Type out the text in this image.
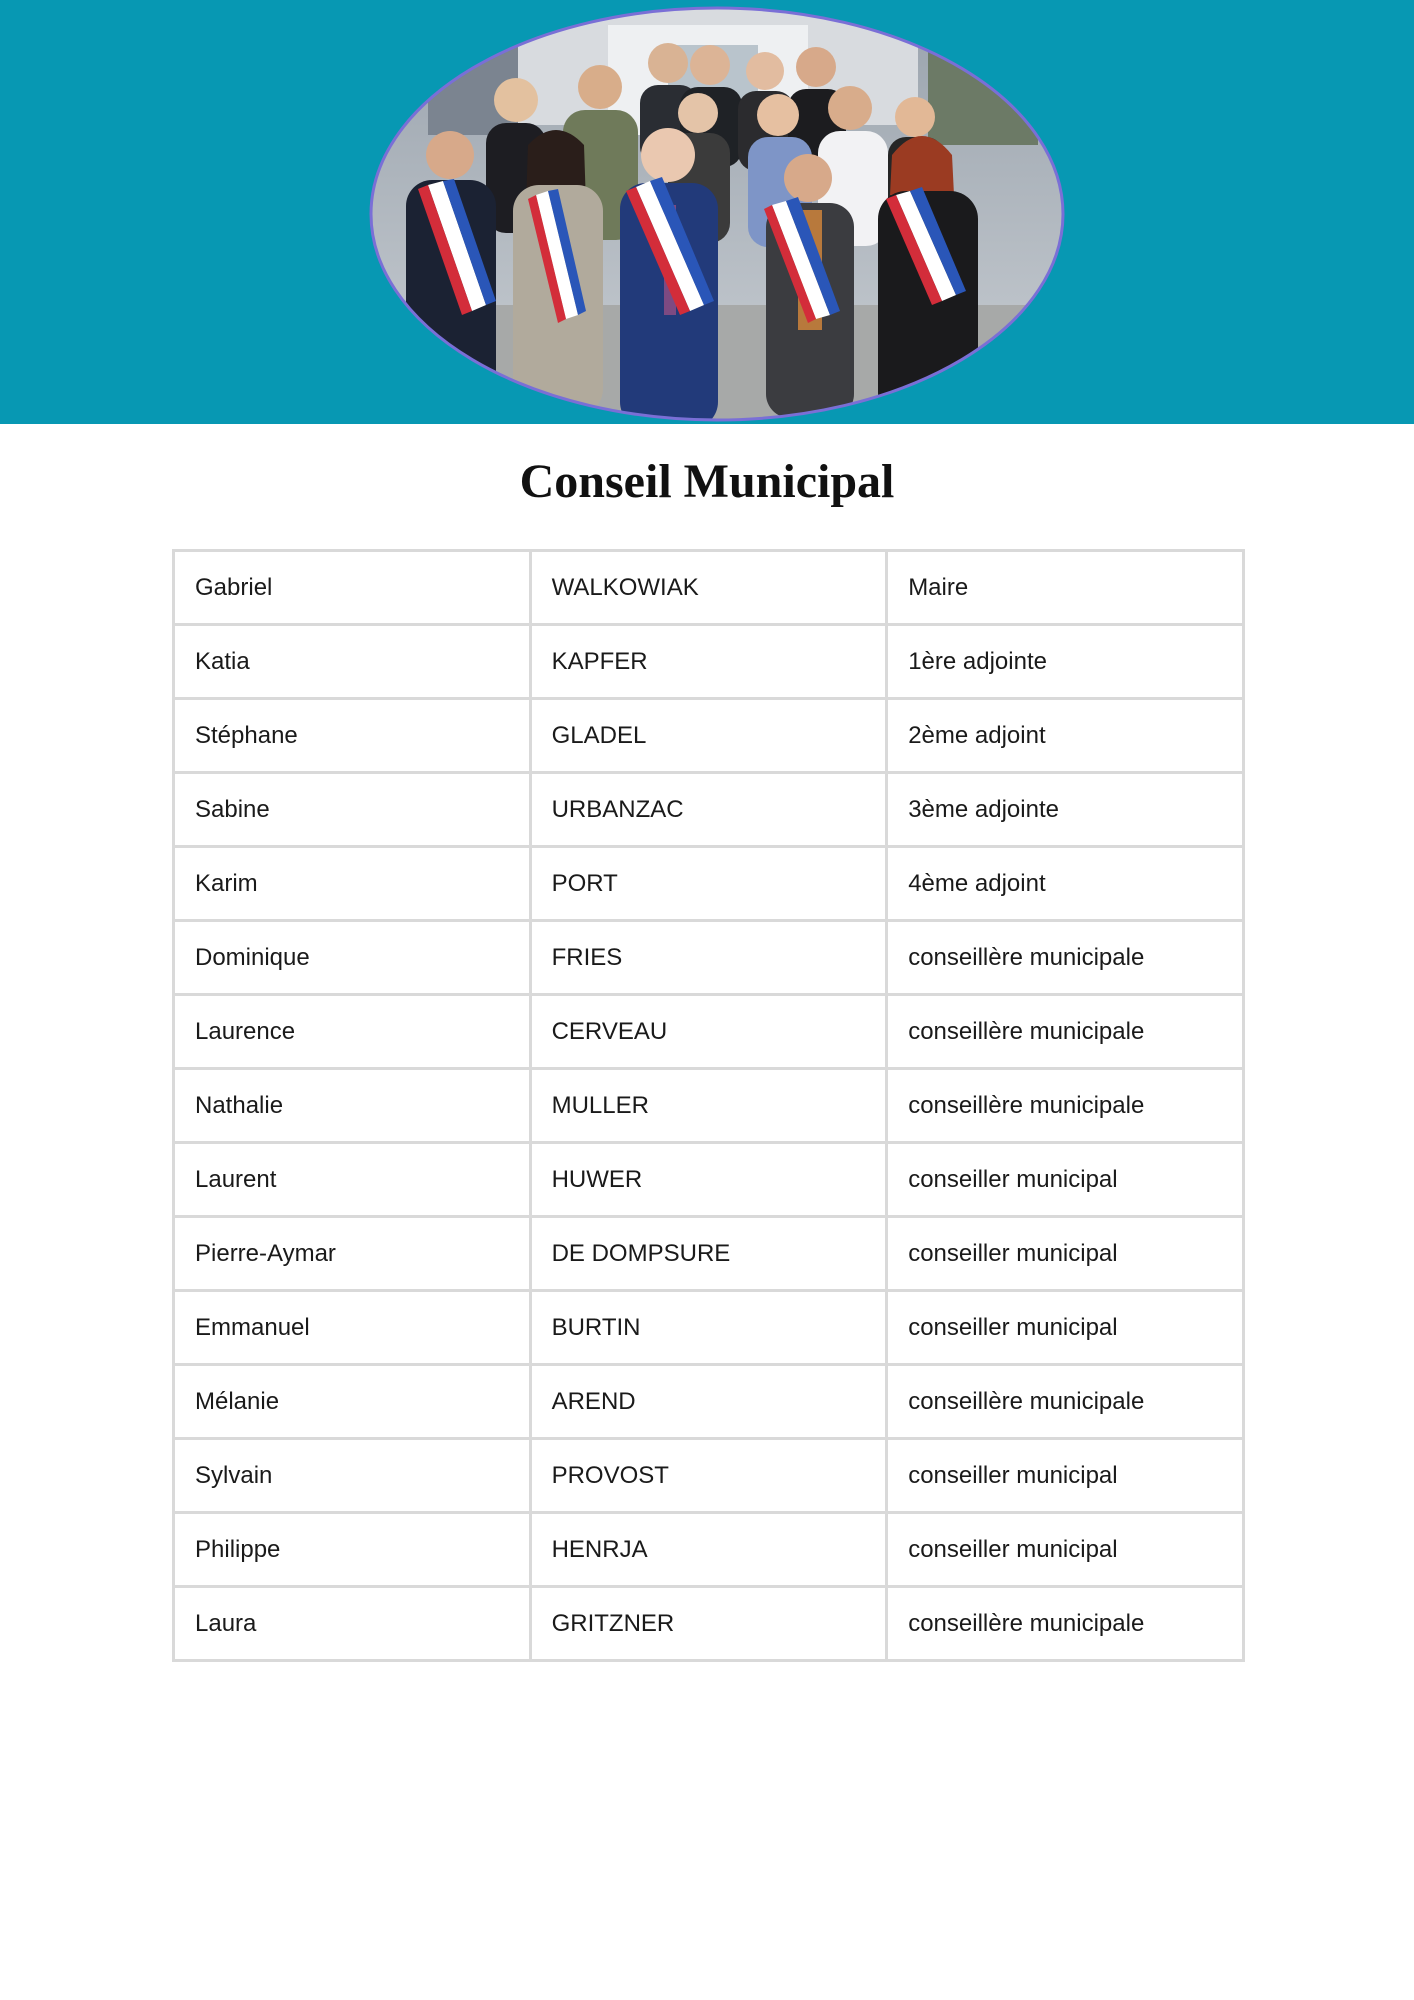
Conseil Municipal
Gabriel	WALKOWIAK	Maire
Katia	KAPFER	1ère adjointe
Stéphane	GLADEL	2ème adjoint
Sabine	URBANZAC	3ème adjointe
Karim	PORT	4ème adjoint
Dominique	FRIES	conseillère municipale
Laurence	CERVEAU	conseillère municipale
Nathalie	MULLER	conseillère municipale
Laurent	HUWER	conseiller municipal
Pierre-Aymar	DE DOMPSURE	conseiller municipal
Emmanuel	BURTIN	conseiller municipal
Mélanie	AREND	conseillère municipale
Sylvain	PROVOST	conseiller municipal
Philippe	HENRJA	conseiller municipal
Laura	GRITZNER	conseillère municipale
